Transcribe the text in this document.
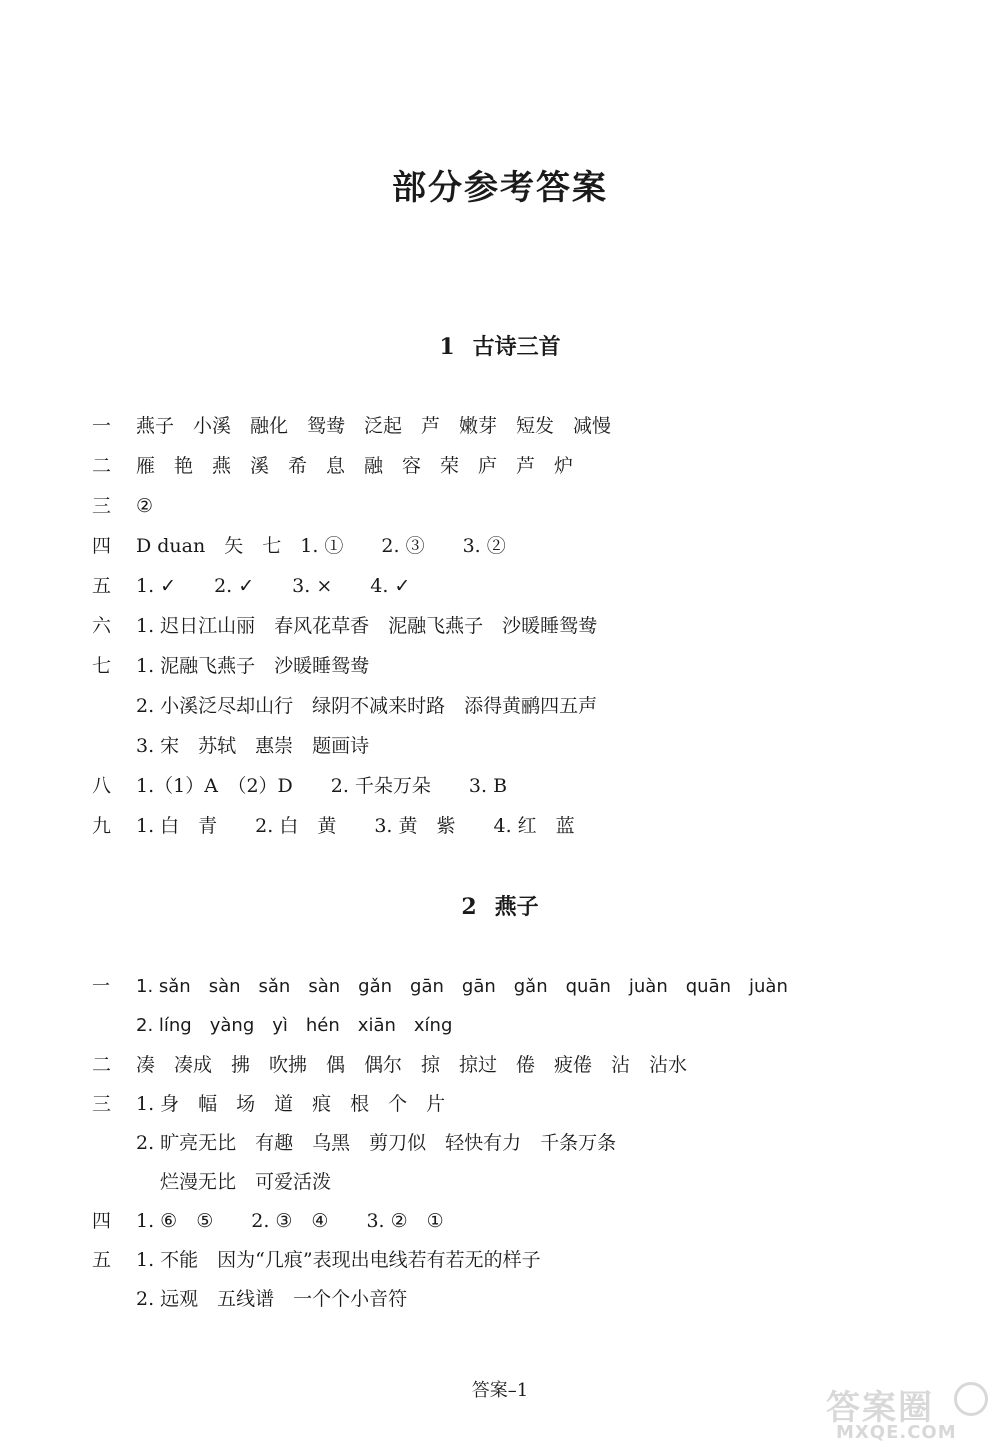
部分参考答案
1 古诗三首
一 燕子　小溪　融化　鸳鸯　泛起　芦　嫩芽　短发　减慢
二 雁　艳　燕　溪　希　息　融　容　荣　庐　芦　炉
三 ②
四 D duan　矢　七　1. ①　　2. ③　　3. ②
五 1. ✓　　2. ✓　　3. ×　　4. ✓
六 1. 迟日江山丽　春风花草香　泥融飞燕子　沙暖睡鸳鸯
七 1. 泥融飞燕子　沙暖睡鸳鸯
2. 小溪泛尽却山行　绿阴不减来时路　添得黄鹂四五声
3. 宋　苏轼　惠崇　题画诗
八 1.（1）A　（2）D　　2. 千朵万朵　　3. B
九 1. 白　青　　2. 白　黄　　3. 黄　紫　　4. 红　蓝
2 燕子
一 1. sǎn　sàn　sǎn　sàn　gǎn　gān　gān　gǎn　quān　juàn　quān　juàn
2. líng　yàng　yì　hén　xiān　xíng
二 凑　凑成　拂　吹拂　偶　偶尔　掠　掠过　倦　疲倦　沾　沾水
三 1. 身　幅　场　道　痕　根　个　片
2. 旷亮无比　有趣　乌黑　剪刀似　轻快有力　千条万条
烂漫无比　可爱活泼
四 1. ⑥　⑤　　2. ③　④　　3. ②　①
五 1. 不能　因为“几痕”表现出电线若有若无的样子
2. 远观　五线谱　一个个小音符
答案–1	答案圈
MXQE.COM
